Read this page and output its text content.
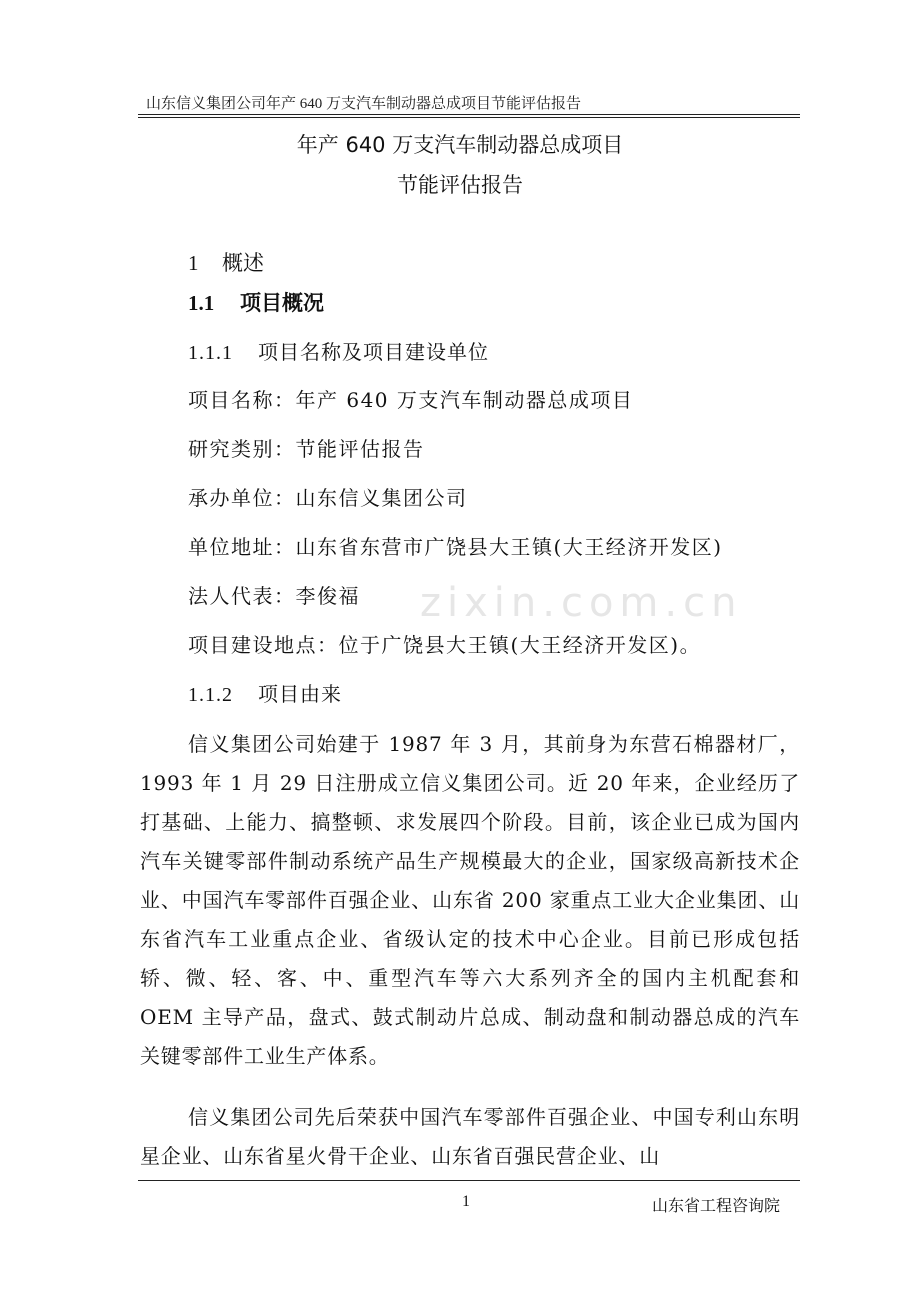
山东信义集团公司年产 640 万支汽车制动器总成项目节能评估报告
zixin.com.cn
年产 640 万支汽车制动器总成项目
节能评估报告
1 概述
1.1 项目概况
1.1.1 项目名称及项目建设单位
项目名称：年产 640 万支汽车制动器总成项目
研究类别：节能评估报告
承办单位：山东信义集团公司
单位地址：山东省东营市广饶县大王镇(大王经济开发区)
法人代表：李俊福
项目建设地点：位于广饶县大王镇(大王经济开发区)。
1.1.2 项目由来

信义集团公司始建于 1987 年 3 月，其前身为东营石棉器材厂，1993 年 1 月 29 日注册成立信义集团公司。近 20 年来，企业经历了打基础、上能力、搞整顿、求发展四个阶段。目前，该企业已成为国内汽车关键零部件制动系统产品生产规模最大的企业，国家级高新技术企业、中国汽车零部件百强企业、山东省 200 家重点工业大企业集团、山东省汽车工业重点企业、省级认定的技术中心企业。目前已形成包括轿、微、轻、客、中、重型汽车等六大系列齐全的国内主机配套和 OEM 主导产品，盘式、鼓式制动片总成、制动盘和制动器总成的汽车关键零部件工业生产体系。

信义集团公司先后荣获中国汽车零部件百强企业、中国专利山东明星企业、山东省星火骨干企业、山东省百强民营企业、山

1	山东省工程咨询院
